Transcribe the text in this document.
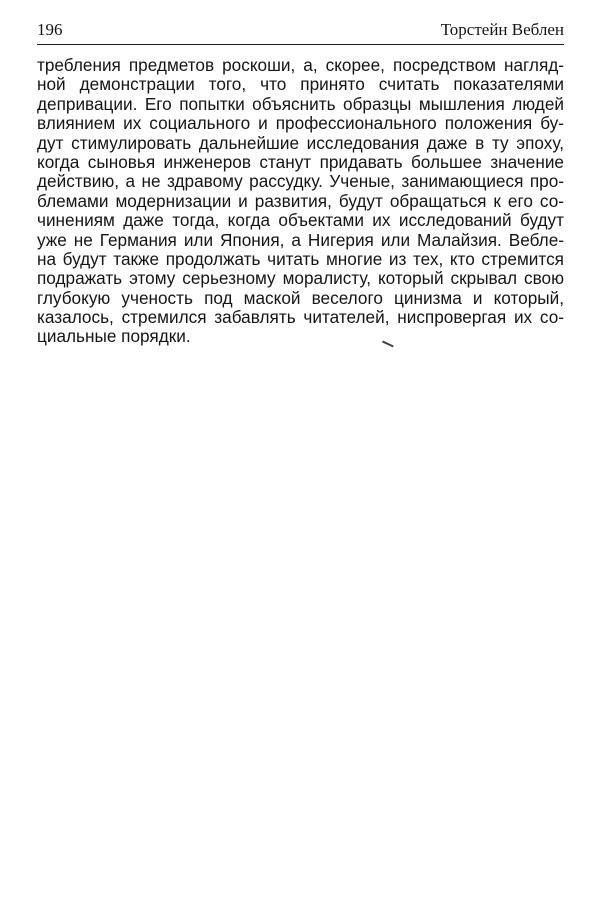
196	Торстейн Веблен
требления предметов роскоши, а, скорее, посредством нагляд-
ной демонстрации того, что принято считать показателями
депривации. Его попытки объяснить образцы мышления людей
влиянием их социального и профессионального положения бу-
дут стимулировать дальнейшие исследования даже в ту эпоху,
когда сыновья инженеров станут придавать большее значение
действию, а не здравому рассудку. Ученые, занимающиеся про-
блемами модернизации и развития, будут обращаться к его со-
чинениям даже тогда, когда объектами их исследований будут
уже не Германия или Япония, а Нигерия или Малайзия. Вебле-
на будут также продолжать читать многие из тех, кто стремится
подражать этому серьезному моралисту, который скрывал свою
глубокую ученость под маской веселого цинизма и который,
казалось, стремился забавлять читателей, ниспровергая их со-
циальные порядки.
